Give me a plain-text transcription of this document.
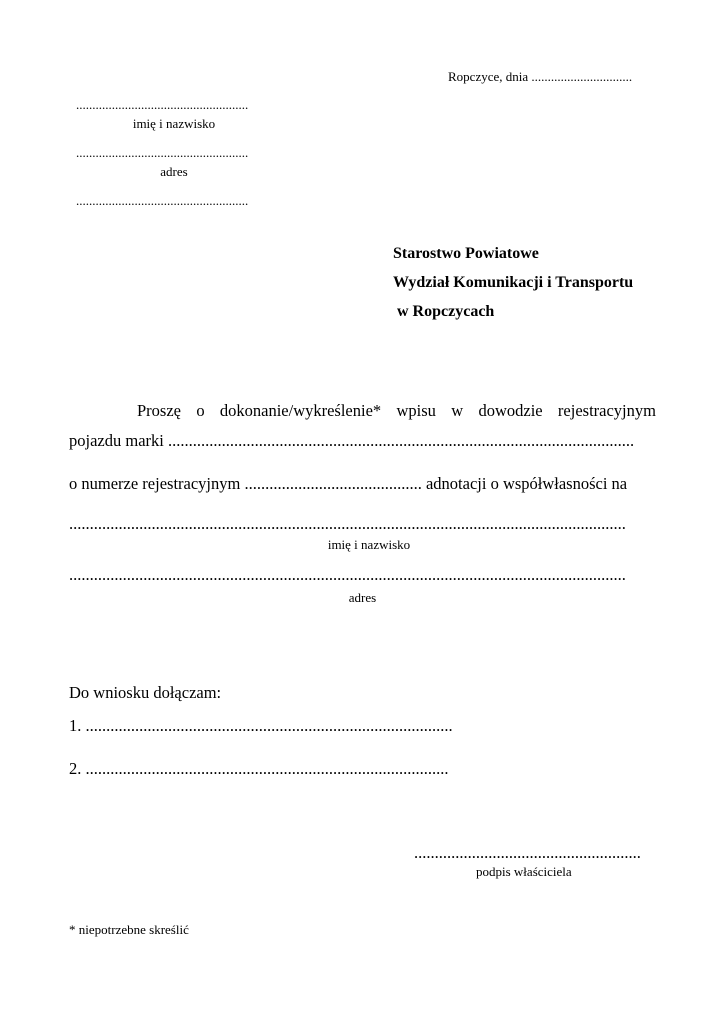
Ropczyce, dnia ...............................
.....................................................
imię i nazwisko
.....................................................
adres
.....................................................
Starostwo Powiatowe
Wydział Komunikacji i Transportu
w Ropczycach
Proszę o dokonanie/wykreślenie* wpisu w dowodzie rejestracyjnym
pojazdu marki .................................................................................................................
o numerze rejestracyjnym ........................................... adnotacji o współwłasności na
.......................................................................................................................................
imię i nazwisko
.......................................................................................................................................
adres
Do wniosku dołączam:
1. .........................................................................................
2. ........................................................................................
.......................................................
podpis właściciela
* niepotrzebne skreślić
